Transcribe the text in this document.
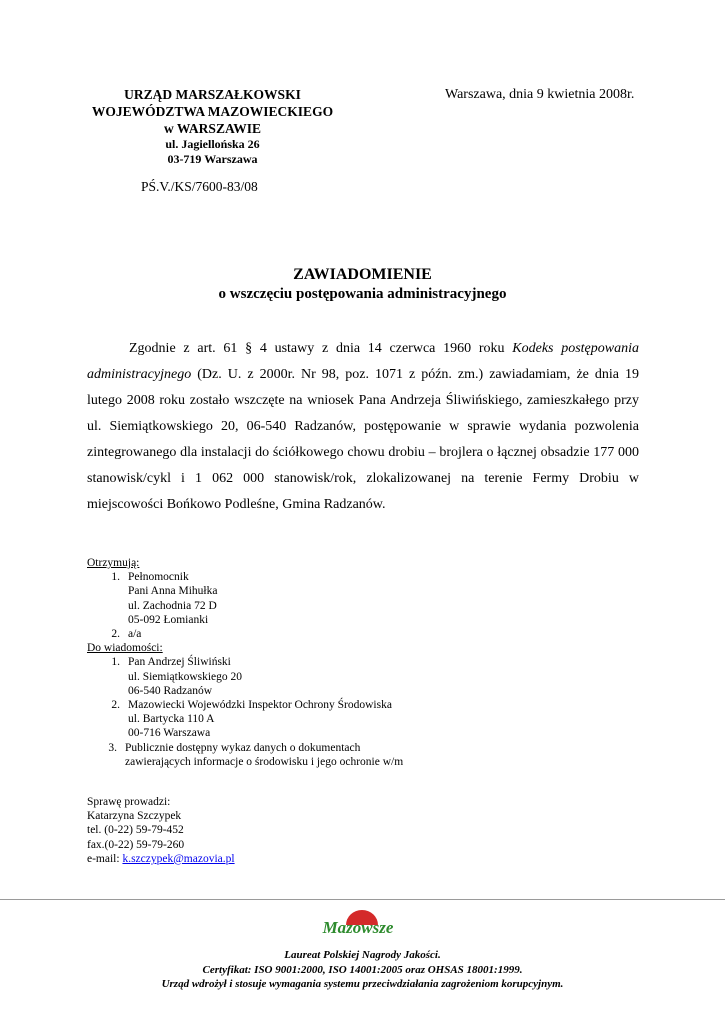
URZĄD MARSZAŁKOWSKI
WOJEWÓDZTWA MAZOWIECKIEGO
w WARSZAWIE
ul. Jagiellońska 26
03-719 Warszawa
Warszawa, dnia 9 kwietnia 2008r.
PŚ.V./KS/7600-83/08
ZAWIADOMIENIE
o wszczęciu postępowania administracyjnego

Zgodnie z art. 61 § 4 ustawy z dnia 14 czerwca 1960 roku Kodeks postępowania administracyjnego (Dz. U. z 2000r. Nr 98, poz. 1071 z późn. zm.) zawiadamiam, że dnia 19 lutego 2008 roku zostało wszczęte na wniosek Pana Andrzeja Śliwińskiego, zamieszkałego przy ul. Siemiątkowskiego 20, 06-540 Radzanów, postępowanie w sprawie wydania pozwolenia zintegrowanego dla instalacji do ściółkowego chowu drobiu – brojlera o łącznej obsadzie 177 000 stanowisk/cykl i 1 062 000 stanowisk/rok, zlokalizowanej na terenie Fermy Drobiu w miejscowości Bońkowo Podleśne, Gmina Radzanów.

Otrzymują:
1. Pełnomocnik
Pani Anna Mihułka
ul. Zachodnia 72 D
05-092 Łomianki
2. a/a
Do wiadomości:
1. Pan Andrzej Śliwiński
ul. Siemiątkowskiego 20
06-540 Radzanów
2. Mazowiecki Wojewódzki Inspektor Ochrony Środowiska
ul. Bartycka 110 A
00-716 Warszawa
3. Publicznie dostępny wykaz danych o dokumentach
zawierających informacje o środowisku i jego ochronie w/m
Sprawę prowadzi:
Katarzyna Szczypek
tel. (0-22) 59-79-452
fax.(0-22) 59-79-260
e-mail: k.szczypek@mazovia.pl
Mazowsze
Laureat Polskiej Nagrody Jakości.
Certyfikat: ISO 9001:2000, ISO 14001:2005 oraz OHSAS 18001:1999.
Urząd wdrożył i stosuje wymagania systemu przeciwdziałania zagrożeniom korupcyjnym.
